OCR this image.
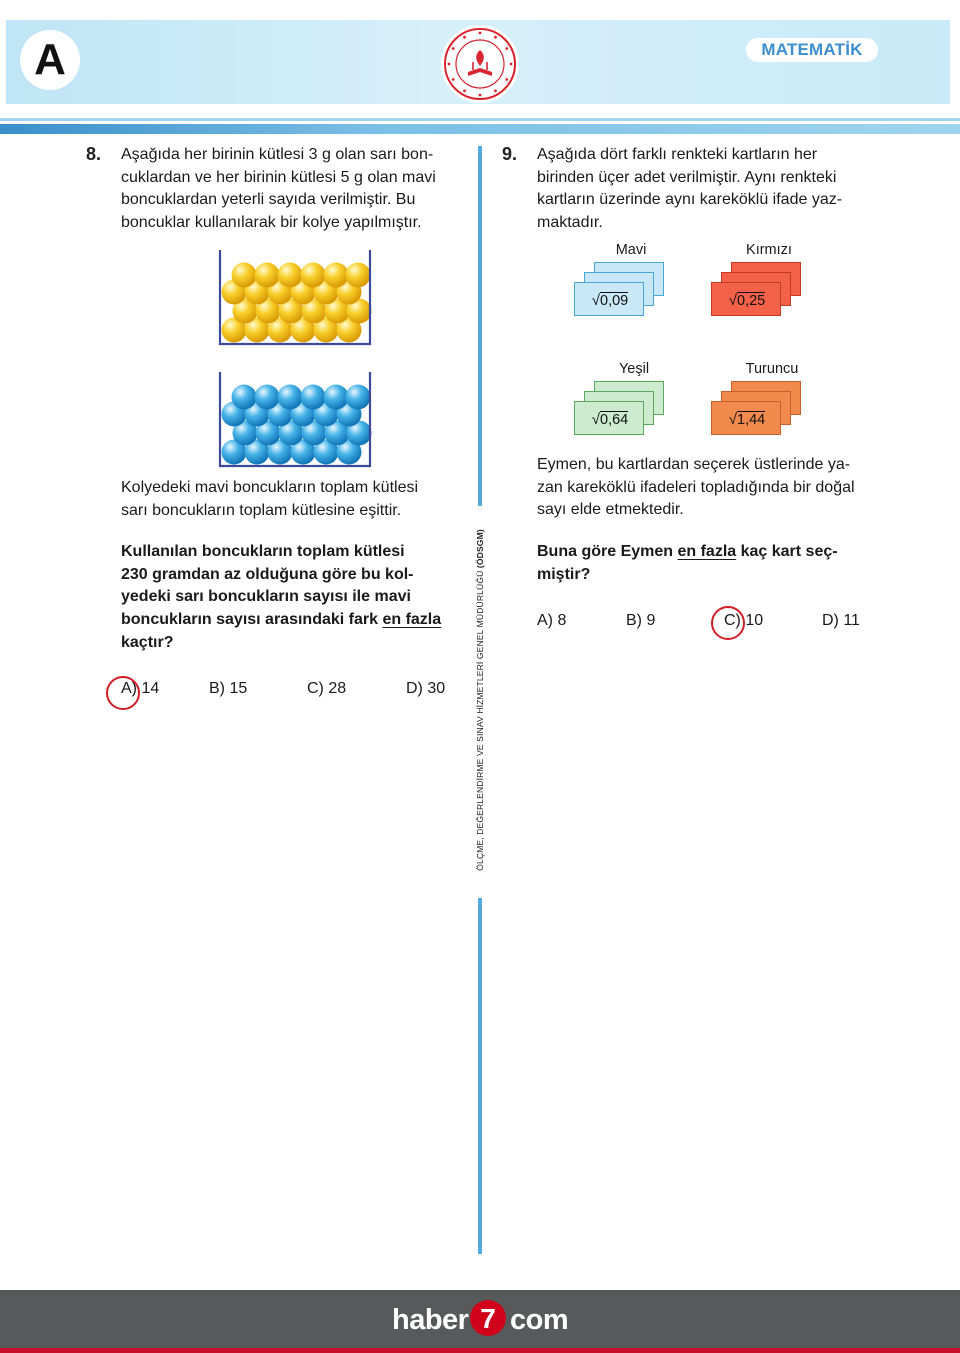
A	MATEMATİK
ÖLÇME, DEĞERLENDİRME VE SINAV HİZMETLERİ GENEL MÜDÜRLÜĞÜ (ÖDSGM)
8. Aşağıda her birinin kütlesi 3 g olan sarı bon-
cuklardan ve her birinin kütlesi 5 g olan mavi
boncuklardan yeterli sayıda verilmiştir. Bu
boncuklar kullanılarak bir kolye yapılmıştır.
Kolyedeki mavi boncukların toplam kütlesi
sarı boncukların toplam kütlesine eşittir.
Kullanılan boncukların toplam kütlesi
230 gramdan az olduğuna göre bu kol-
yedeki sarı boncukların sayısı ile mavi
boncukların sayısı arasındaki fark en fazla
kaçtır?
A) 14	B) 15	C) 28	D) 30
9. Aşağıda dört farklı renkteki kartların her
birinden üçer adet verilmiştir. Aynı renkteki
kartların üzerinde aynı kareköklü ifade yaz-
maktadır.
Mavi
√ 0,09
Kırmızı
√ 0,25
Yeşil
√ 0,64
Turuncu
√ 1,44
Eymen, bu kartlardan seçerek üstlerinde ya-
zan kareköklü ifadeleri topladığında bir doğal
sayı elde etmektedir.
Buna göre Eymen en fazla kaç kart seç-
miştir?
A) 8	B) 9	C) 10	D) 11
haber 7 com
